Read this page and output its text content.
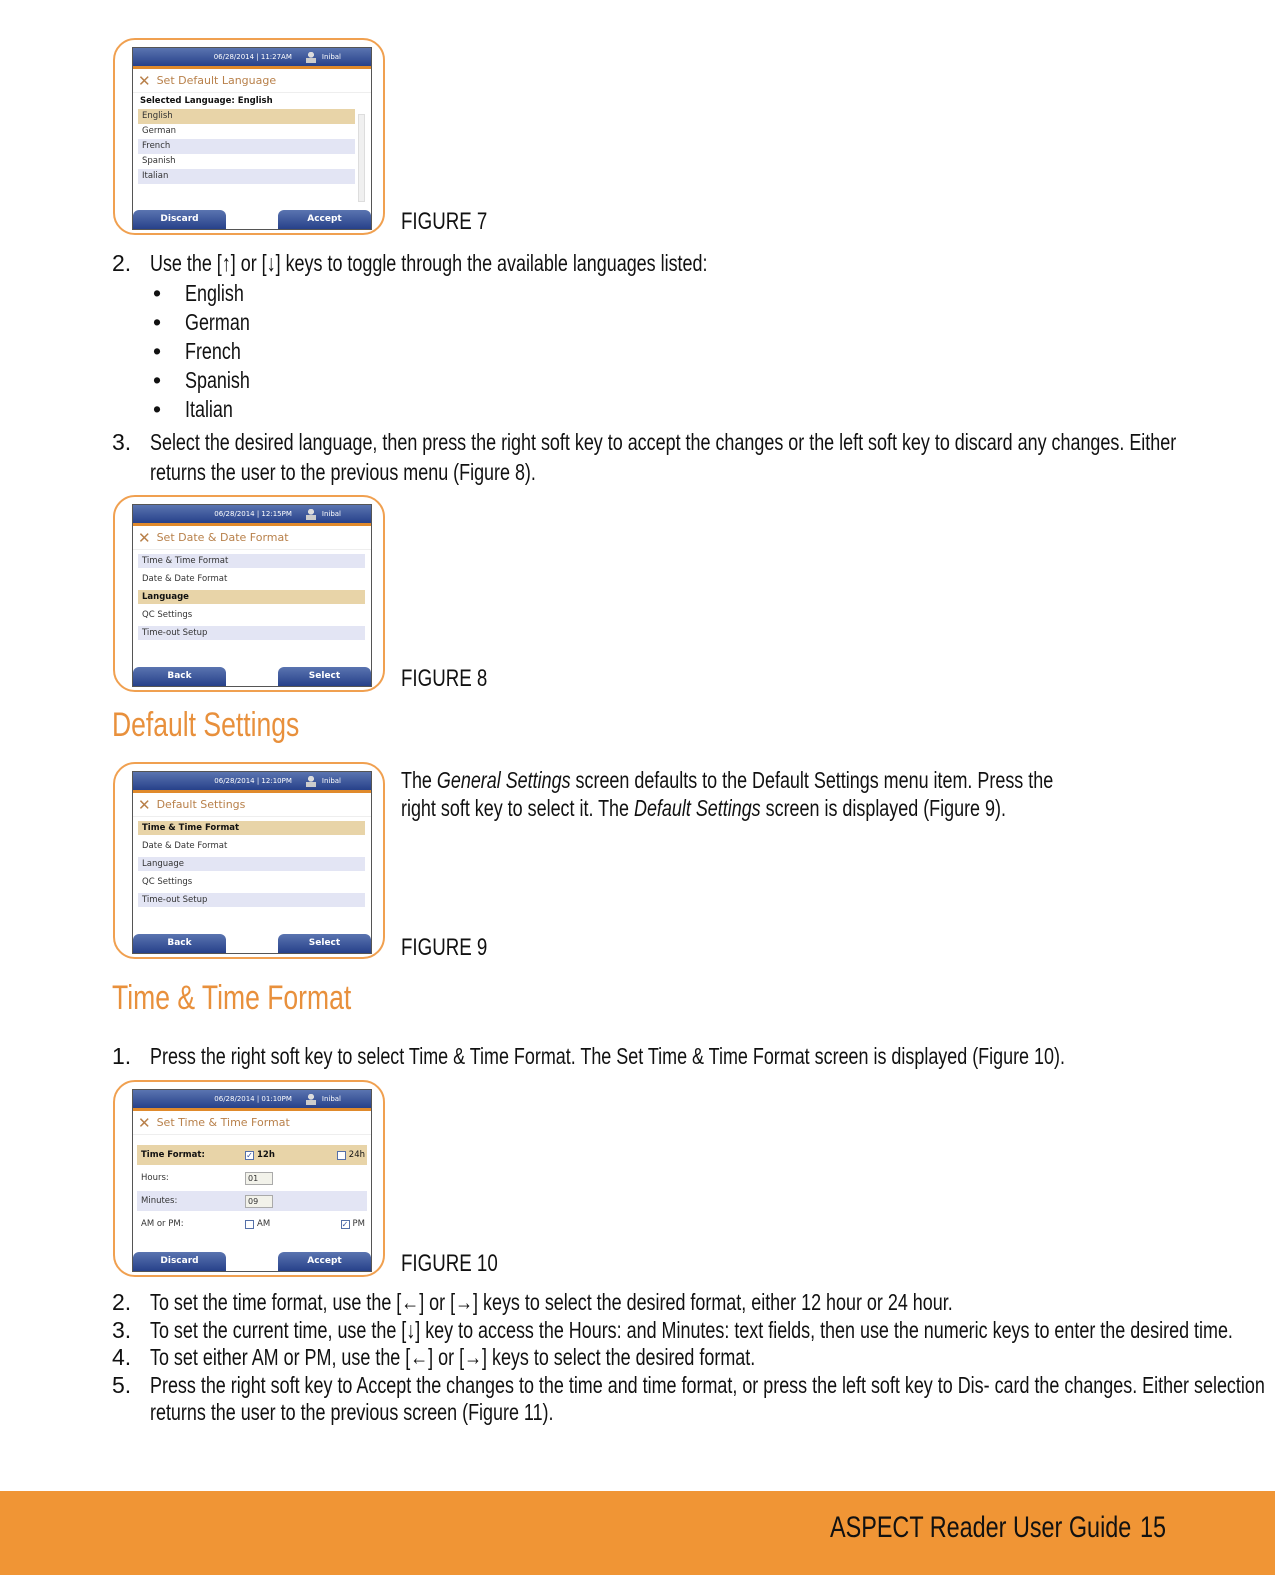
06/28/2014 | 11:27AM	Inibal
✕ Set Default Language
Selected Language: English
English
German
French
Spanish
Italian
Discard	Accept	FIGURE 7
2. Use the [↑] or [↓] keys to toggle through the available languages listed:
• English
• German
• French
• Spanish
• Italian
3. Select the desired language, then press the right soft key to accept the changes or the left soft key to discard any changes. Either
returns the user to the previous menu (Figure 8).
06/28/2014 | 12:15PM	Inibal
✕ Set Date & Date Format
Time & Time Format
Date & Date Format
Language
QC Settings
Time-out Setup
Back	Select	FIGURE 8
Default Settings
06/28/2014 | 12:10PM	Inibal
✕ Default Settings
Time & Time Format
Date & Date Format
Language
QC Settings
Time-out Setup
Back	Select
The General Settings screen defaults to the Default Settings menu item. Press the
right soft key to select it. The Default Settings screen is displayed (Figure 9).
FIGURE 9
Time & Time Format
1. Press the right soft key to select Time & Time Format. The Set Time & Time Format screen is displayed (Figure 10).
06/28/2014 | 01:10PM	Inibal
✕ Set Time & Time Format
Time Format:	✓ 12h	24h
Hours:	01
Minutes:	09
AM or PM:	AM	✓ PM
Discard	Accept	FIGURE 10
2. To set the time format, use the [←] or [→] keys to select the desired format, either 12 hour or 24 hour.
3. To set the current time, use the [↓] key to access the Hours: and Minutes: text fields, then use the numeric keys to enter the desired time.
4. To set either AM or PM, use the [←] or [→] keys to select the desired format.
5. Press the right soft key to Accept the changes to the time and time format, or press the left soft key to Dis- card the changes. Either selection
returns the user to the previous screen (Figure 11).
ASPECT Reader User Guide 15
